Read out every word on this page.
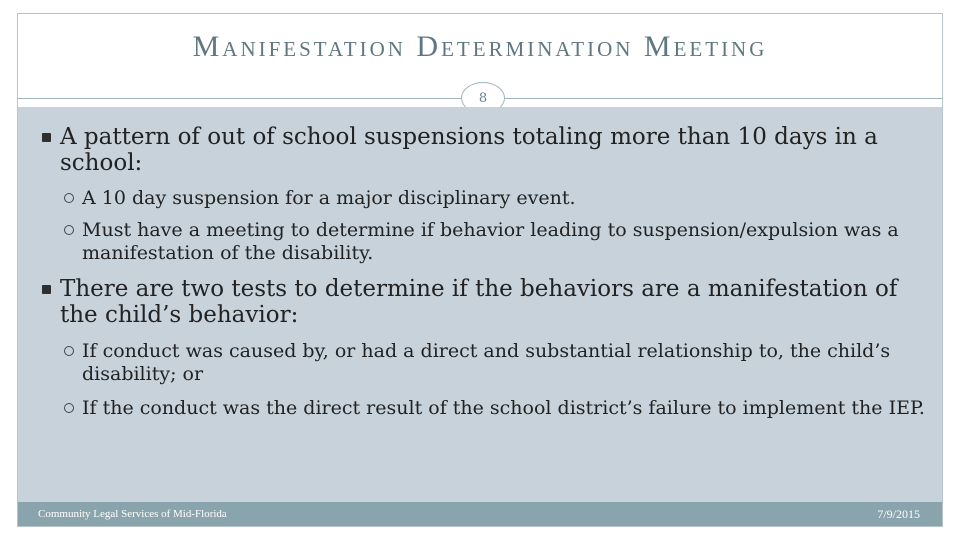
Manifestation Determination Meeting
8
A pattern of out of school suspensions totaling more than 10 days in a school:
A 10 day suspension for a major disciplinary event.
Must have a meeting to determine if behavior leading to suspension/expulsion was a manifestation of the disability.
There are two tests to determine if the behaviors are a manifestation of the child’s behavior:
If conduct was caused by, or had a direct and substantial relationship to, the child’s disability; or
If the conduct was the direct result of the school district’s failure to implement the IEP.
Community Legal Services of Mid-Florida	7/9/2015
